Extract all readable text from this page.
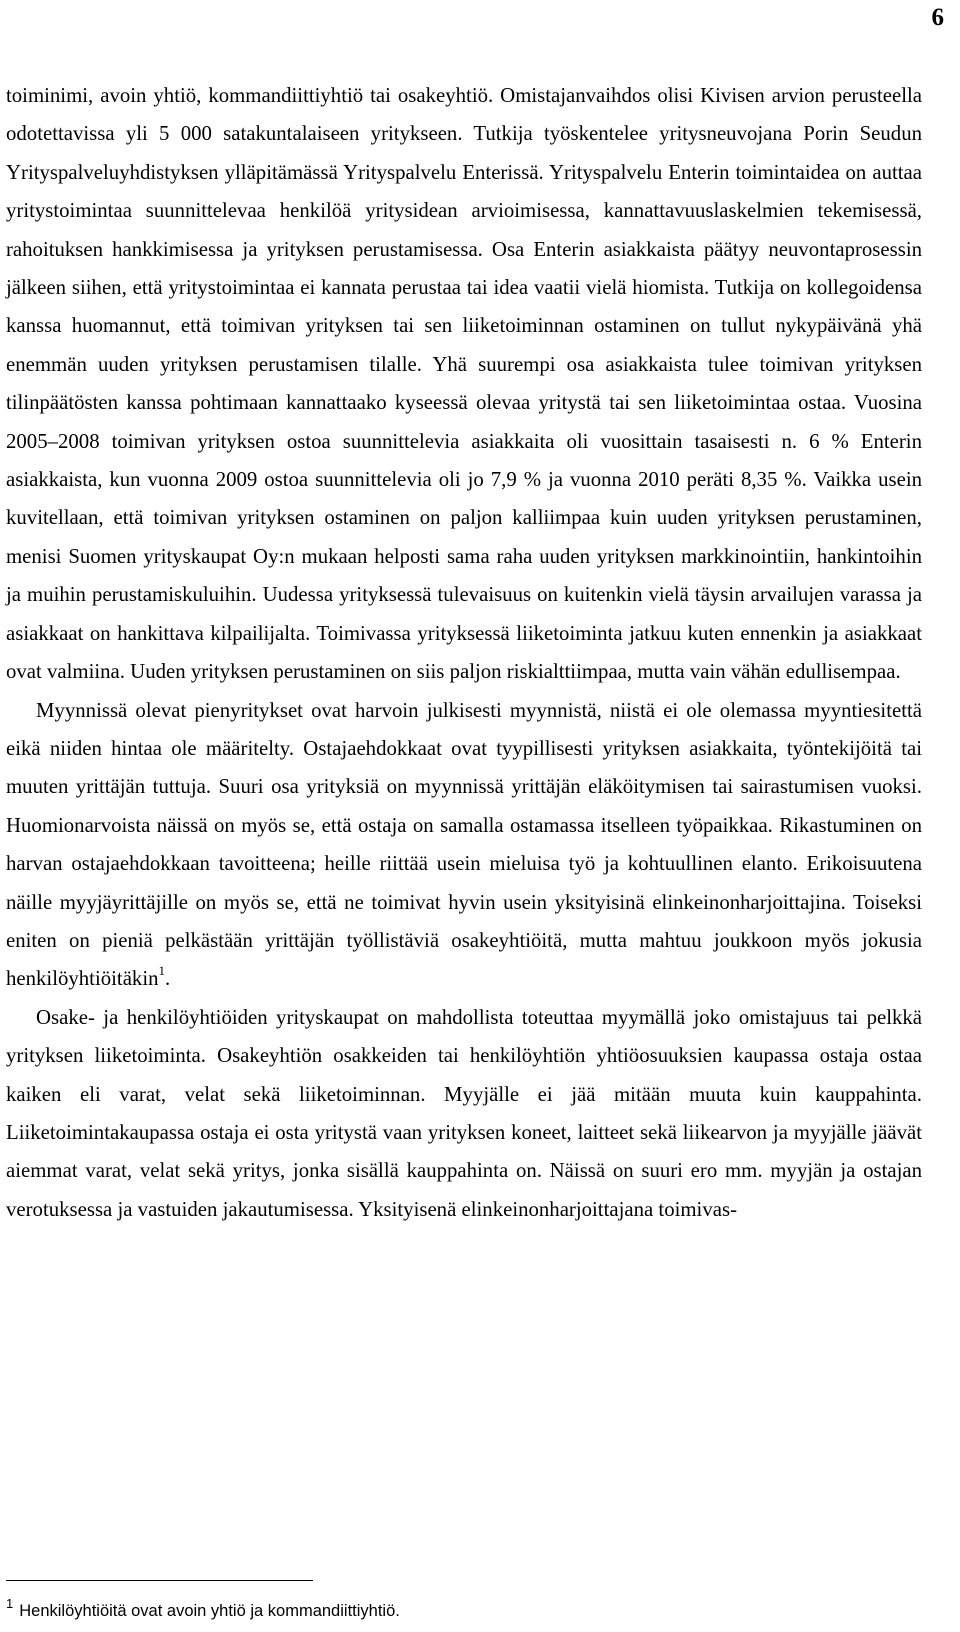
6

toiminimi, avoin yhtiö, kommandiittiyhtiö tai osakeyhtiö. Omistajanvaihdos olisi Kivisen arvion perusteella odotettavissa yli 5 000 satakuntalaiseen yritykseen. Tutkija työskentelee yritysneuvojana Porin Seudun Yrityspalveluyhdistyksen ylläpitämässä Yrityspalvelu Enterissä. Yrityspalvelu Enterin toimintaidea on auttaa yritystoimintaa suunnittelevaa henkilöä yritysidean arvioimisessa, kannattavuuslaskelmien tekemisessä, rahoituksen hankkimisessa ja yrityksen perustamisessa. Osa Enterin asiakkaista päätyy neuvontaprosessin jälkeen siihen, että yritystoimintaa ei kannata perustaa tai idea vaatii vielä hiomista. Tutkija on kollegoidensa kanssa huomannut, että toimivan yrityksen tai sen liiketoiminnan ostaminen on tullut nykypäivänä yhä enemmän uuden yrityksen perustamisen tilalle. Yhä suurempi osa asiakkaista tulee toimivan yrityksen tilinpäätösten kanssa pohtimaan kannattaako kyseessä olevaa yritystä tai sen liiketoimintaa ostaa. Vuosina 2005–2008 toimivan yrityksen ostoa suunnittelevia asiakkaita oli vuosittain tasaisesti n. 6 % Enterin asiakkaista, kun vuonna 2009 ostoa suunnittelevia oli jo 7,9 % ja vuonna 2010 peräti 8,35 %. Vaikka usein kuvitellaan, että toimivan yrityksen ostaminen on paljon kalliimpaa kuin uuden yrityksen perustaminen, menisi Suomen yrityskaupat Oy:n mukaan helposti sama raha uuden yrityksen markkinointiin, hankintoihin ja muihin perustamiskuluihin. Uudessa yrityksessä tulevaisuus on kuitenkin vielä täysin arvailujen varassa ja asiakkaat on hankittava kilpailijalta. Toimivassa yrityksessä liiketoiminta jatkuu kuten ennenkin ja asiakkaat ovat valmiina. Uuden yrityksen perustaminen on siis paljon riskialttiimpaa, mutta vain vähän edullisempaa.

Myynnissä olevat pienyritykset ovat harvoin julkisesti myynnistä, niistä ei ole olemassa myyntiesitettä eikä niiden hintaa ole määritelty. Ostajaehdokkaat ovat tyypillisesti yrityksen asiakkaita, työntekijöitä tai muuten yrittäjän tuttuja. Suuri osa yrityksiä on myynnissä yrittäjän eläköitymisen tai sairastumisen vuoksi. Huomionarvoista näissä on myös se, että ostaja on samalla ostamassa itselleen työpaikkaa. Rikastuminen on harvan ostajaehdokkaan tavoitteena; heille riittää usein mieluisa työ ja kohtuullinen elanto. Erikoisuutena näille myyjäyrittäjille on myös se, että ne toimivat hyvin usein yksityisinä elinkeinonharjoittajina. Toiseksi eniten on pieniä pelkästään yrittäjän työllistäviä osakeyhtiöitä, mutta mahtuu joukkoon myös jokusia henkilöyhtiöitäkin$^1$.

Osake- ja henkilöyhtiöiden yrityskaupat on mahdollista toteuttaa myymällä joko omistajuus tai pelkkä yrityksen liiketoiminta. Osakeyhtiön osakkeiden tai henkilöyhtiön yhtiöosuuksien kaupassa ostaja ostaa kaiken eli varat, velat sekä liiketoiminnan. Myyjälle ei jää mitään muuta kuin kauppahinta. Liiketoimintakaupassa ostaja ei osta yritystä vaan yrityksen koneet, laitteet sekä liikearvon ja myyjälle jäävät aiemmat varat, velat sekä yritys, jonka sisällä kauppahinta on. Näissä on suuri ero mm. myyjän ja ostajan verotuksessa ja vastuiden jakautumisessa. Yksityisenä elinkeinonharjoittajana toimivas-

$^1$ Henkilöyhtiöitä ovat avoin yhtiö ja kommandiittiyhtiö.
